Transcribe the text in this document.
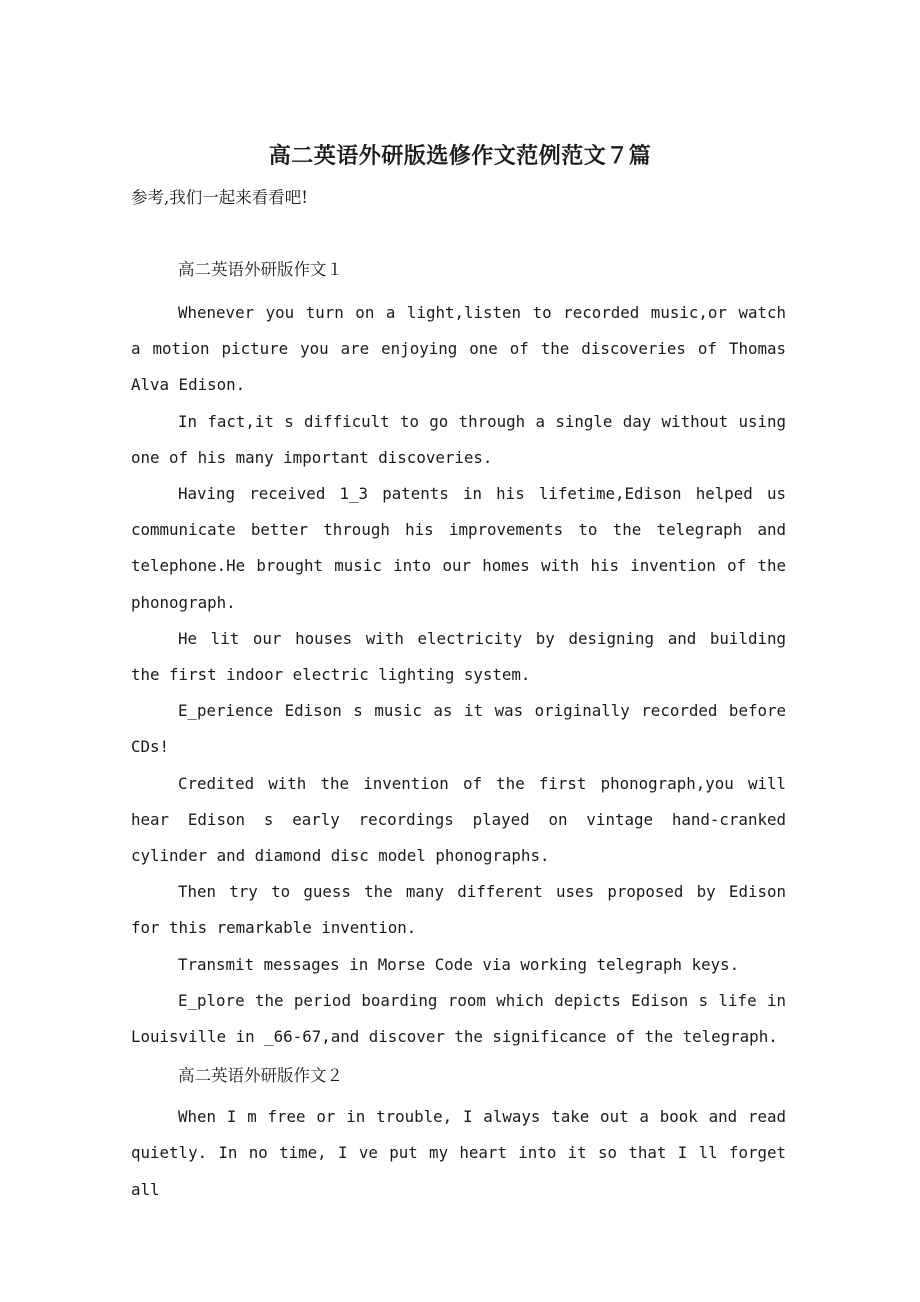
高二英语外研版选修作文范例范文７篇

参考,我们一起来看看吧!

高二英语外研版作文１

Whenever you turn on a light,listen to recorded music,or watch a motion picture you are enjoying one of the discoveries of Thomas Alva Edison.

In fact,it s difficult to go through a single day without using one of his many important discoveries.

Having received 1_3 patents in his lifetime,Edison helped us communicate better through his improvements to the telegraph and telephone.He brought music into our homes with his invention of the phonograph.

He lit our houses with electricity by designing and building the first indoor electric lighting system.

E_perience Edison s music as it was originally recorded before CDs!

Credited with the invention of the first phonograph,you will hear Edison s early recordings played on vintage hand-cranked cylinder and diamond disc model phonographs.

Then try to guess the many different uses proposed by Edison for this remarkable invention.

Transmit messages in Morse Code via working telegraph keys.

E_plore the period boarding room which depicts Edison s life in Louisville in _66-67,and discover the significance of the telegraph.

高二英语外研版作文２

When I m free or in trouble, I always take out a book and read quietly. In no time, I ve put my heart into it so that I ll forget all
